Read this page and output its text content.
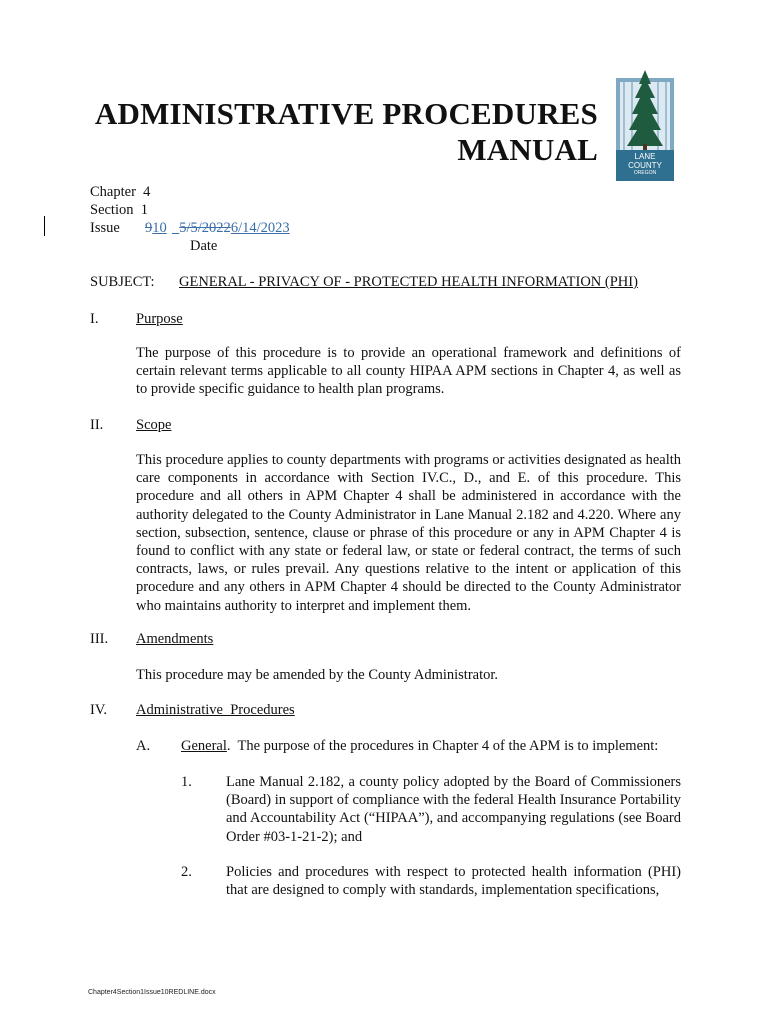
ADMINISTRATIVE PROCEDURES
MANUAL	LANE
COUNTY
OREGON
Chapter 4
Section 1
Issue 910 5/5/20226/14/2023
Date
SUBJECT: GENERAL - PRIVACY OF - PROTECTED HEALTH INFORMATION (PHI)
I.	Purpose
The purpose of this procedure is to provide an operational framework and definitions of certain relevant terms applicable to all county HIPAA APM sections in Chapter 4, as well as to provide specific guidance to health plan programs.
II. Scope
This procedure applies to county departments with programs or activities designated as health care components in accordance with Section IV.C., D., and E. of this procedure. This procedure and all others in APM Chapter 4 shall be administered in accordance with the authority delegated to the County Administrator in Lane Manual 2.182 and 4.220. Where any section, subsection, sentence, clause or phrase of this procedure or any in APM Chapter 4 is found to conflict with any state or federal law, or state or federal contract, the terms of such contracts, laws, or rules prevail. Any questions relative to the intent or application of this procedure and any others in APM Chapter 4 should be directed to the County Administrator who maintains authority to interpret and implement them.
III. Amendments
This procedure may be amended by the County Administrator.
IV. Administrative  Procedures
A. General.  The purpose of the procedures in Chapter 4 of the APM is to implement:
1. Lane Manual 2.182, a county policy adopted by the Board of Commissioners (Board) in support of compliance with the federal Health Insurance Portability and Accountability Act (“HIPAA”), and accompanying regulations (see Board Order #03-1-21-2); and
2. Policies and procedures with respect to protected health information (PHI) that are designed to comply with standards, implementation specifications,
Chapter4Section1Issue10REDLINE.docx
